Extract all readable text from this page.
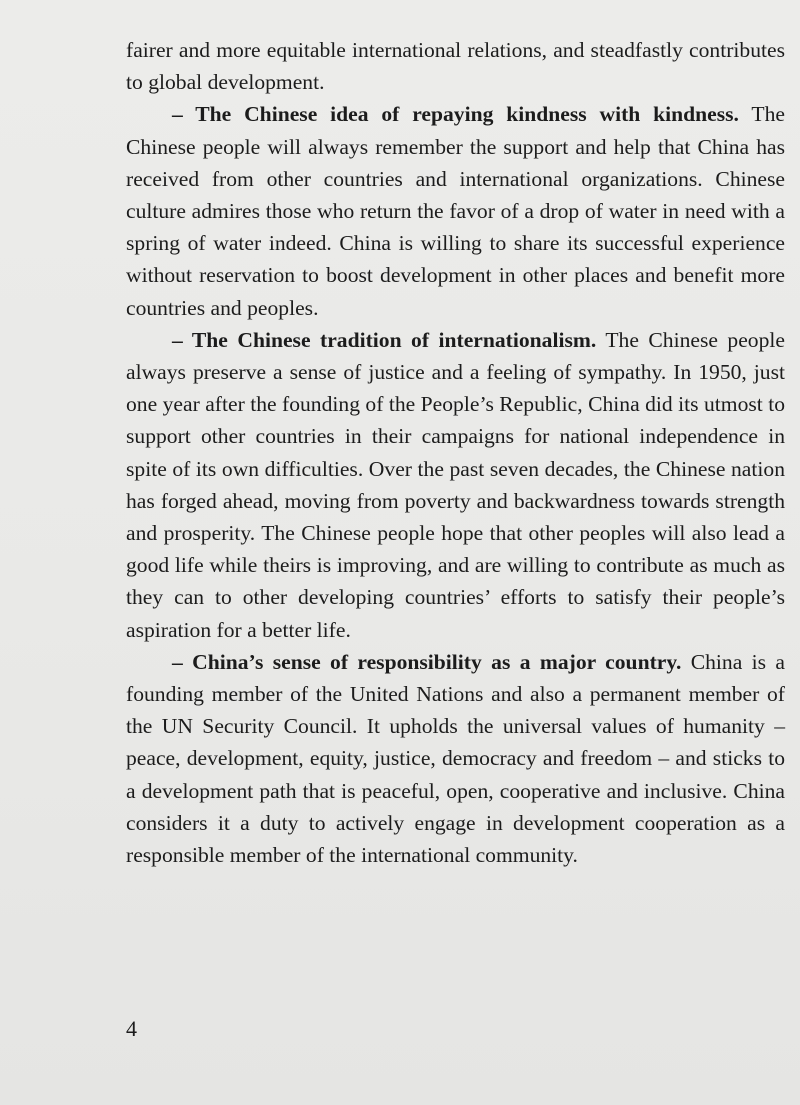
fairer and more equitable international relations, and steadfastly contributes to global development.

– The Chinese idea of repaying kindness with kindness. The Chinese people will always remember the support and help that China has received from other countries and international organizations. Chinese culture admires those who return the favor of a drop of water in need with a spring of water indeed. China is willing to share its successful experience without reservation to boost development in other places and benefit more countries and peoples.

– The Chinese tradition of internationalism. The Chinese people always preserve a sense of justice and a feeling of sympathy. In 1950, just one year after the founding of the People’s Republic, China did its utmost to support other countries in their campaigns for national independence in spite of its own difficulties. Over the past seven decades, the Chinese nation has forged ahead, moving from poverty and backwardness towards strength and prosperity. The Chinese people hope that other peoples will also lead a good life while theirs is improving, and are willing to contribute as much as they can to other developing countries’ efforts to satisfy their people’s aspiration for a better life.

– China’s sense of responsibility as a major country. China is a founding member of the United Nations and also a permanent member of the UN Security Council. It upholds the universal values of humanity – peace, development, equity, justice, democracy and freedom – and sticks to a development path that is peaceful, open, cooperative and inclusive. China considers it a duty to actively engage in development cooperation as a responsible member of the international community.

4
